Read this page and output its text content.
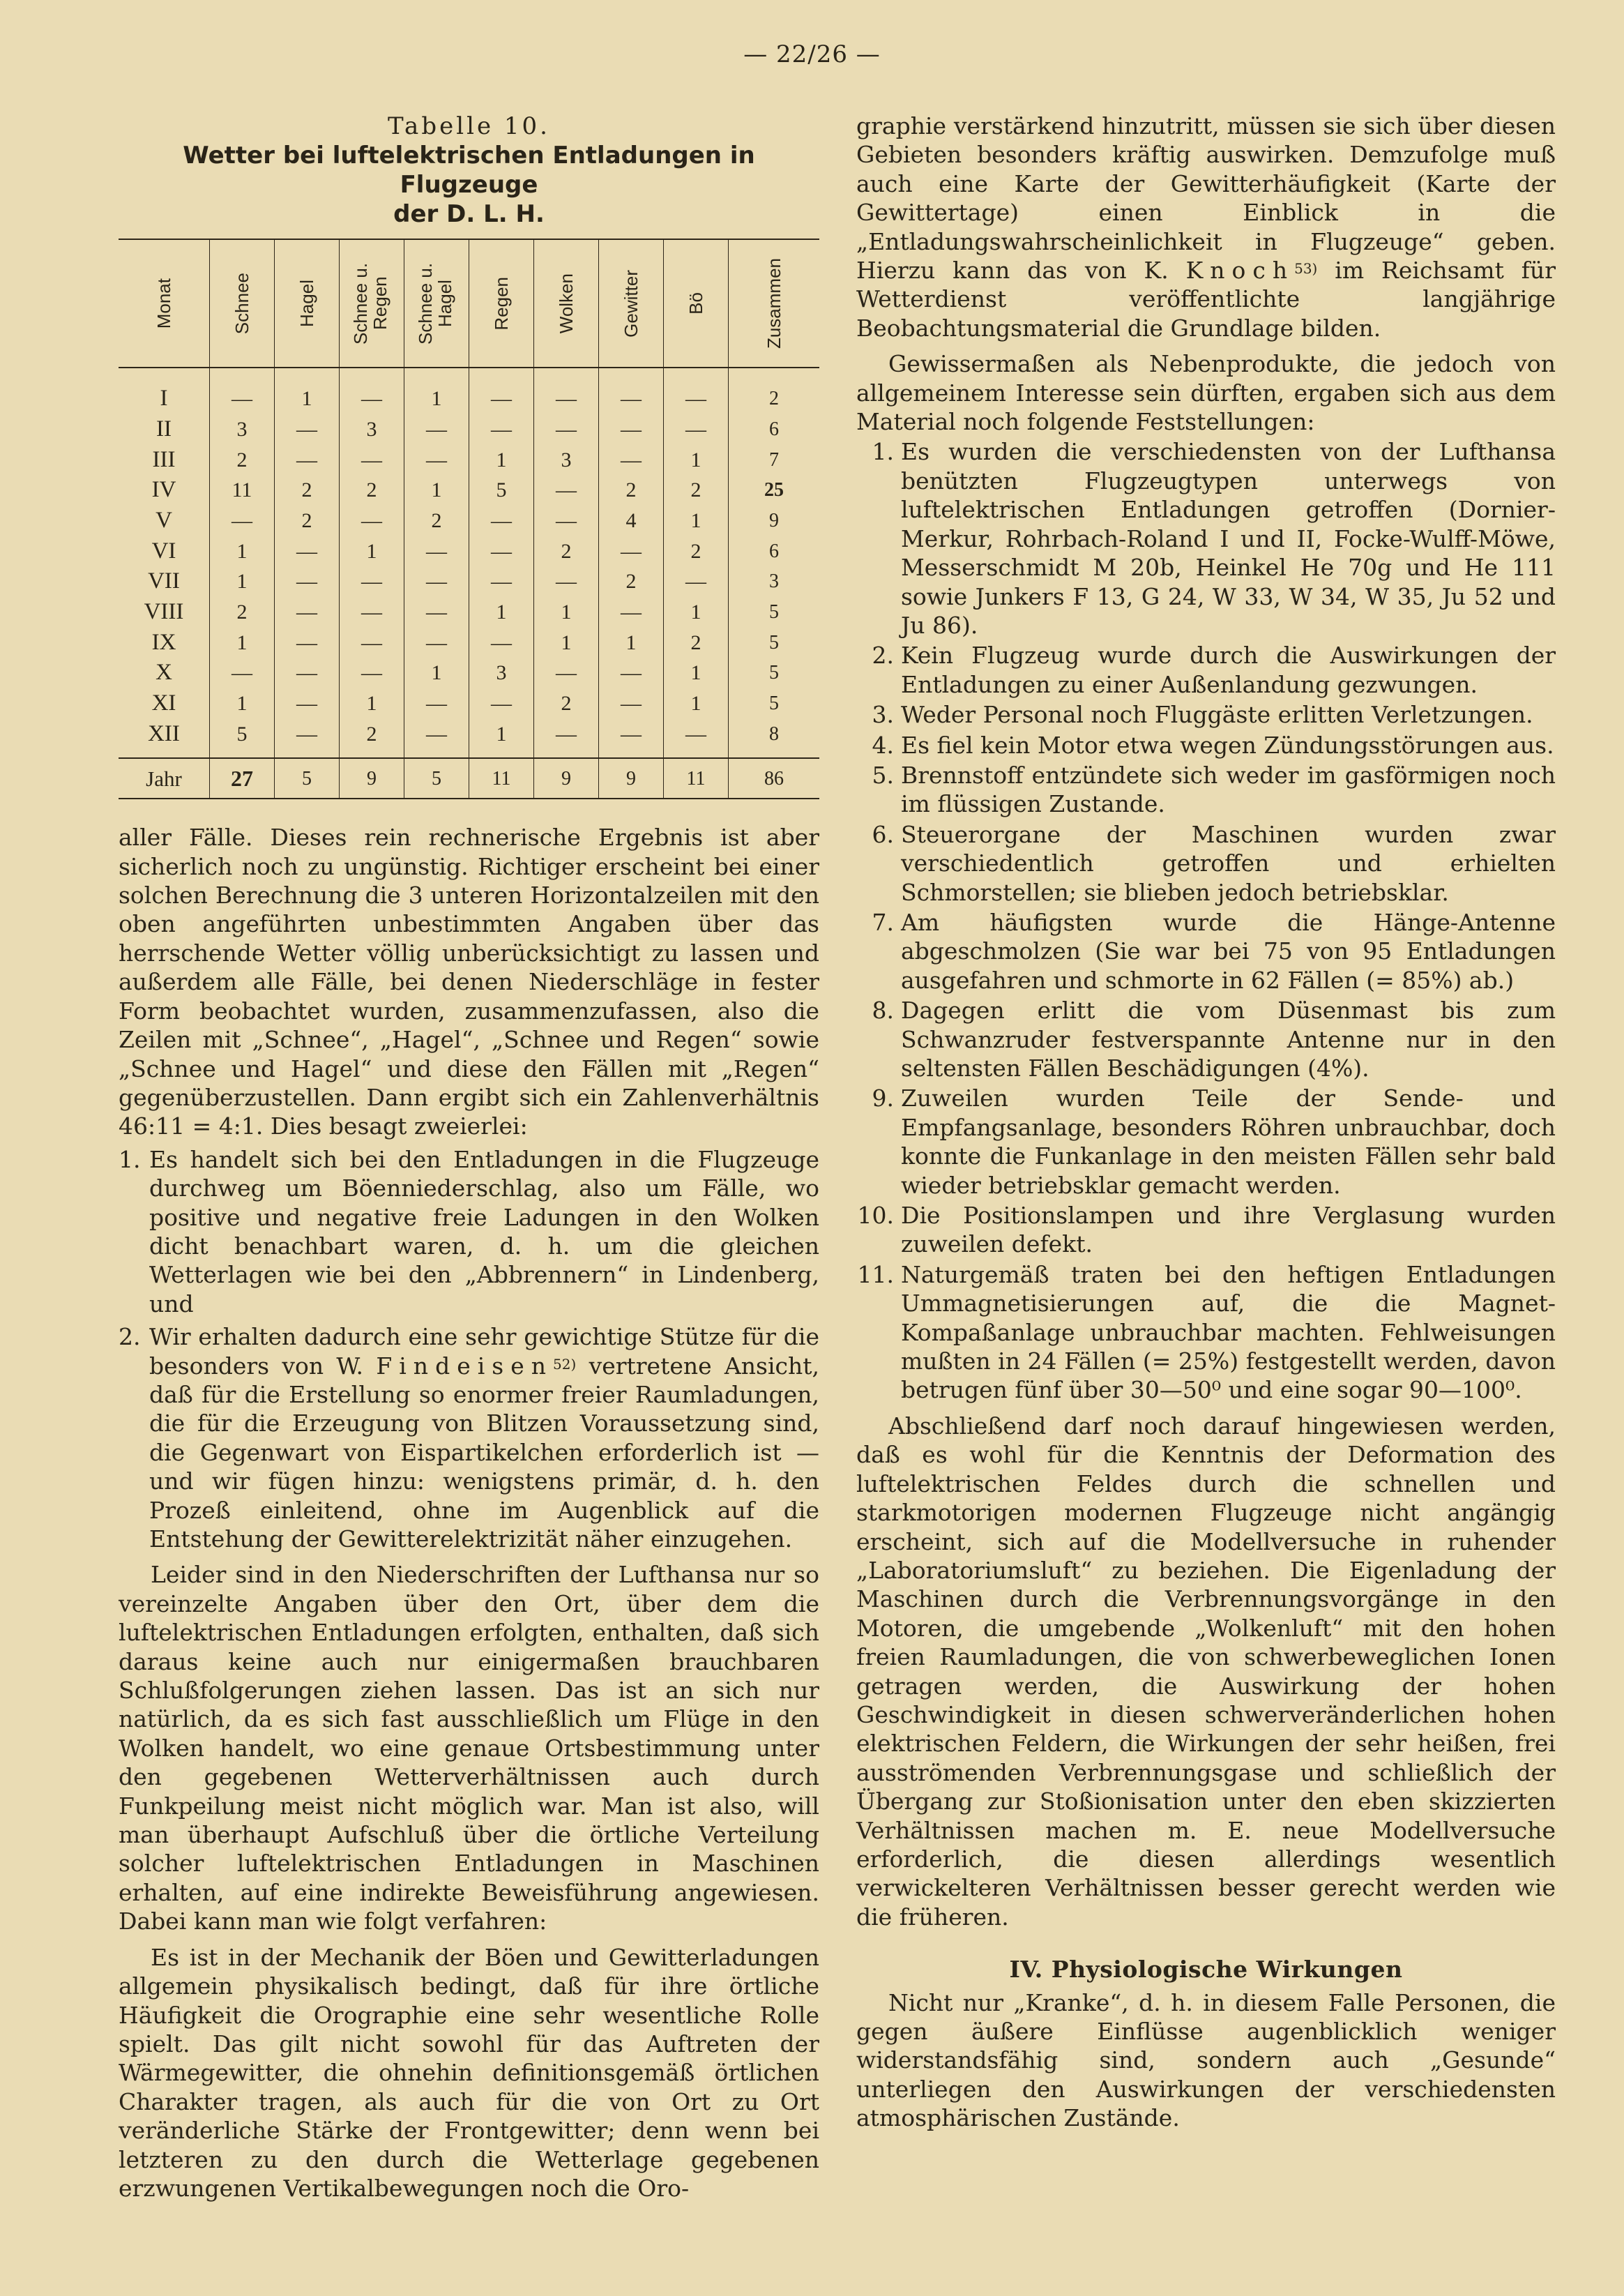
— 22/26 —
Tabelle 10.
Wetter bei luftelektrischen Entladungen in Flugzeuge
der D. L. H.
Monat	Schnee	Hagel	Schnee u. Regen	Schnee u. Hagel	Regen	Wolken	Gewitter	Bö	Zusammen

I	—	1	—	1	—	—	—	—	2
II	3	—	3	—	—	—	—	—	6
III	2	—	—	—	1	3	—	1	7
IV	11	2	2	1	5	—	2	2	25
V	—	2	—	2	—	—	4	1	9
VI	1	—	1	—	—	2	—	2	6
VII	1	—	—	—	—	—	2	—	3
VIII	2	—	—	—	1	1	—	1	5
IX	1	—	—	—	—	1	1	2	5
X	—	—	—	1	3	—	—	1	5
XI	1	—	1	—	—	2	—	1	5
XII	5	—	2	—	1	—	—	—	8
Jahr	27	5	9	5	11	9	9	11	86

aller Fälle. Dieses rein rechnerische Ergebnis ist aber sicherlich noch zu ungünstig. Richtiger erscheint bei einer solchen Berechnung die 3 unteren Horizontalzeilen mit den oben angeführten unbestimmten Angaben über das herrschende Wetter völlig unberücksichtigt zu lassen und außerdem alle Fälle, bei denen Niederschläge in fester Form beobachtet wurden, zusammenzufassen, also die Zeilen mit „Schnee“, „Hagel“, „Schnee und Regen“ sowie „Schnee und Hagel“ und diese den Fällen mit „Regen“ gegenüberzustellen. Dann ergibt sich ein Zahlenverhältnis 46:11 = 4:1. Dies besagt zweierlei:

1. Es handelt sich bei den Entladungen in die Flugzeuge durchweg um Böenniederschlag, also um Fälle, wo positive und negative freie Ladungen in den Wolken dicht benachbart waren, d. h. um die gleichen Wetterlagen wie bei den „Abbrennern“ in Lindenberg, und
2. Wir erhalten dadurch eine sehr gewichtige Stütze für die besonders von W. Findeisen$^{52)}$ vertretene Ansicht, daß für die Erstellung so enormer freier Raumladungen, die für die Erzeugung von Blitzen Voraussetzung sind, die Gegenwart von Eispartikelchen erforderlich ist — und wir fügen hinzu: wenigstens primär, d. h. den Prozeß einleitend, ohne im Augenblick auf die Entstehung der Gewitterelektrizität näher einzugehen.

Leider sind in den Niederschriften der Lufthansa nur so vereinzelte Angaben über den Ort, über dem die luftelektrischen Entladungen erfolgten, enthalten, daß sich daraus keine auch nur einigermaßen brauchbaren Schlußfolgerungen ziehen lassen. Das ist an sich nur natürlich, da es sich fast ausschließlich um Flüge in den Wolken handelt, wo eine genaue Ortsbestimmung unter den gegebenen Wetterverhältnissen auch durch Funkpeilung meist nicht möglich war. Man ist also, will man überhaupt Aufschluß über die örtliche Verteilung solcher luftelektrischen Entladungen in Maschinen erhalten, auf eine indirekte Beweisführung angewiesen. Dabei kann man wie folgt verfahren:

Es ist in der Mechanik der Böen und Gewitterladungen allgemein physikalisch bedingt, daß für ihre örtliche Häufigkeit die Orographie eine sehr wesentliche Rolle spielt. Das gilt nicht sowohl für das Auftreten der Wärmegewitter, die ohnehin definitionsgemäß örtlichen Charakter tragen, als auch für die von Ort zu Ort veränderliche Stärke der Frontgewitter; denn wenn bei letzteren zu den durch die Wetterlage gegebenen erzwungenen Vertikalbewegungen noch die Oro-

graphie verstärkend hinzutritt, müssen sie sich über diesen Gebieten besonders kräftig auswirken. Demzufolge muß auch eine Karte der Gewitterhäufigkeit (Karte der Gewittertage) einen Einblick in die „Entladungswahrscheinlichkeit in Flugzeuge“ geben. Hierzu kann das von K. Knoch$^{53)}$ im Reichsamt für Wetterdienst veröffentlichte langjährige Beobachtungsmaterial die Grundlage bilden.

Gewissermaßen als Nebenprodukte, die jedoch von allgemeinem Interesse sein dürften, ergaben sich aus dem Material noch folgende Feststellungen:

1. Es wurden die verschiedensten von der Lufthansa benützten Flugzeugtypen unterwegs von luftelektrischen Entladungen getroffen (Dornier-Merkur, Rohrbach-Roland I und II, Focke-Wulff-Möwe, Messerschmidt M 20b, Heinkel He 70g und He 111 sowie Junkers F 13, G 24, W 33, W 34, W 35, Ju 52 und Ju 86).
2. Kein Flugzeug wurde durch die Auswirkungen der Entladungen zu einer Außenlandung gezwungen.
3. Weder Personal noch Fluggäste erlitten Verletzungen.
4. Es fiel kein Motor etwa wegen Zündungsstörungen aus.
5. Brennstoff entzündete sich weder im gasförmigen noch im flüssigen Zustande.
6. Steuerorgane der Maschinen wurden zwar verschiedentlich getroffen und erhielten Schmorstellen; sie blieben jedoch betriebsklar.
7. Am häufigsten wurde die Hänge-Antenne abgeschmolzen (Sie war bei 75 von 95 Entladungen ausgefahren und schmorte in 62 Fällen (= 85%) ab.)
8. Dagegen erlitt die vom Düsenmast bis zum Schwanzruder festverspannte Antenne nur in den seltensten Fällen Beschädigungen (4%).
9. Zuweilen wurden Teile der Sende- und Empfangsanlage, besonders Röhren unbrauchbar, doch konnte die Funkanlage in den meisten Fällen sehr bald wieder betriebsklar gemacht werden.
10. Die Positionslampen und ihre Verglasung wurden zuweilen defekt.
11. Naturgemäß traten bei den heftigen Entladungen Ummagnetisierungen auf, die die Magnet-Kompaßanlage unbrauchbar machten. Fehlweisungen mußten in 24 Fällen (= 25%) festgestellt werden, davon betrugen fünf über 30—50⁰ und eine sogar 90—100⁰.

Abschließend darf noch darauf hingewiesen werden, daß es wohl für die Kenntnis der Deformation des luftelektrischen Feldes durch die schnellen und starkmotorigen modernen Flugzeuge nicht angängig erscheint, sich auf die Modellversuche in ruhender „Laboratoriumsluft“ zu beziehen. Die Eigenladung der Maschinen durch die Verbrennungsvorgänge in den Motoren, die umgebende „Wolkenluft“ mit den hohen freien Raumladungen, die von schwerbeweglichen Ionen getragen werden, die Auswirkung der hohen Geschwindigkeit in diesen schwerveränderlichen hohen elektrischen Feldern, die Wirkungen der sehr heißen, frei ausströmenden Verbrennungsgase und schließlich der Übergang zur Stoßionisation unter den eben skizzierten Verhältnissen machen m. E. neue Modellversuche erforderlich, die diesen allerdings wesentlich verwickelteren Verhältnissen besser gerecht werden wie die früheren.

IV. Physiologische Wirkungen

Nicht nur „Kranke“, d. h. in diesem Falle Personen, die gegen äußere Einflüsse augenblicklich weniger widerstandsfähig sind, sondern auch „Gesunde“ unterliegen den Auswirkungen der verschiedensten atmosphärischen Zustände.
